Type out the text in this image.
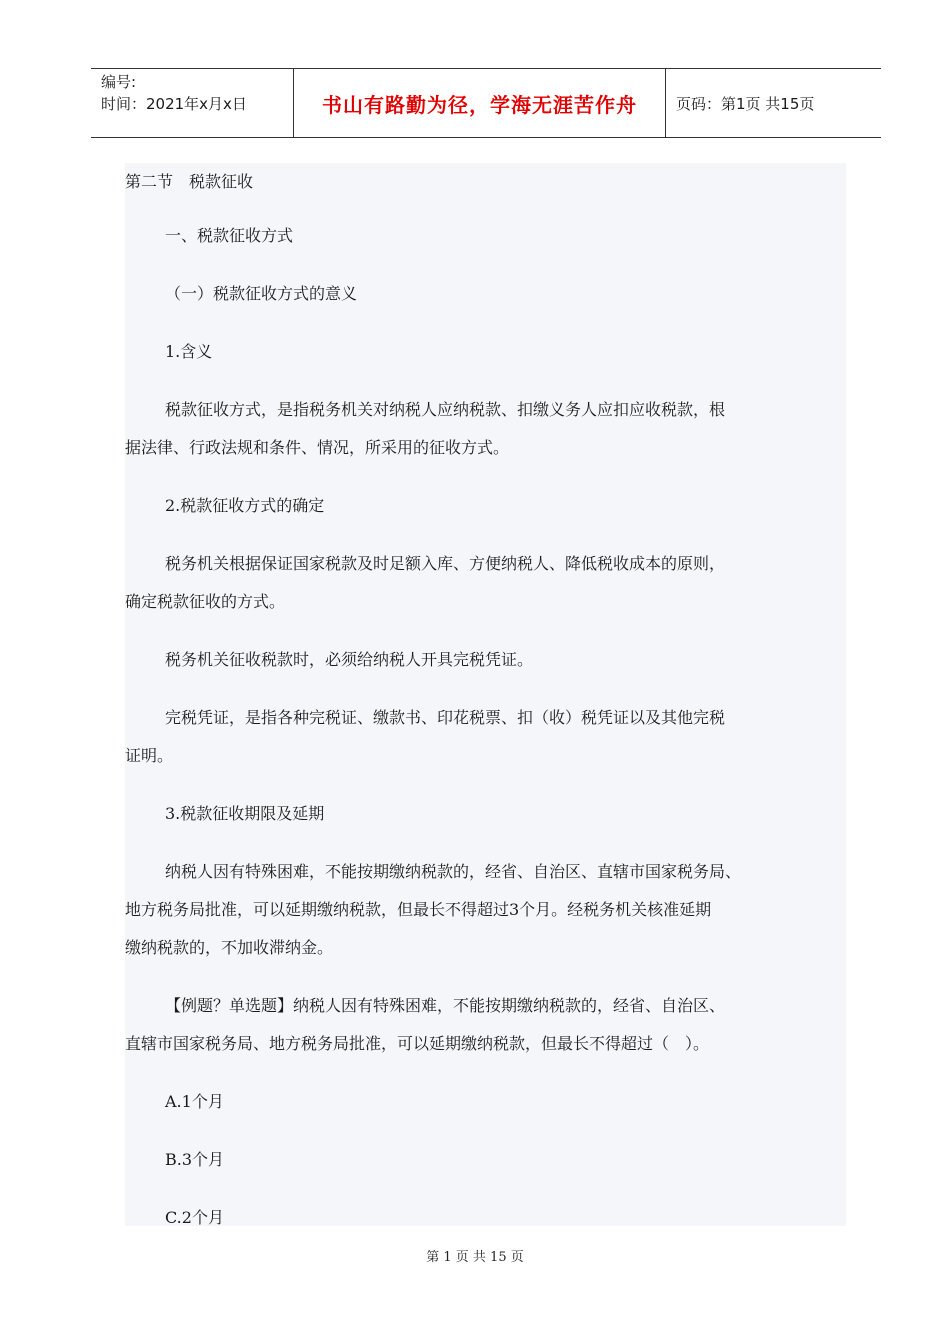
编号:
时间：2021年x月x日	书山有路勤为径，学海无涯苦作舟	页码：第1页 共15页

第二节　税款征收

一、税款征收方式

（一）税款征收方式的意义

1.含义

税款征收方式，是指税务机关对纳税人应纳税款、扣缴义务人应扣应收税款，根

据法律、行政法规和条件、情况，所采用的征收方式。

2.税款征收方式的确定

税务机关根据保证国家税款及时足额入库、方便纳税人、降低税收成本的原则，

确定税款征收的方式。

税务机关征收税款时，必须给纳税人开具完税凭证。

完税凭证，是指各种完税证、缴款书、印花税票、扣（收）税凭证以及其他完税

证明。

3.税款征收期限及延期

纳税人因有特殊困难，不能按期缴纳税款的，经省、自治区、直辖市国家税务局、

地方税务局批准，可以延期缴纳税款，但最长不得超过3个月。经税务机关核准延期

缴纳税款的，不加收滞纳金。

【例题？单选题】纳税人因有特殊困难，不能按期缴纳税款的，经省、自治区、

直辖市国家税务局、地方税务局批准，可以延期缴纳税款，但最长不得超过（　）。

A.1个月

B.3个月

C.2个月

第 1 页 共 15 页
